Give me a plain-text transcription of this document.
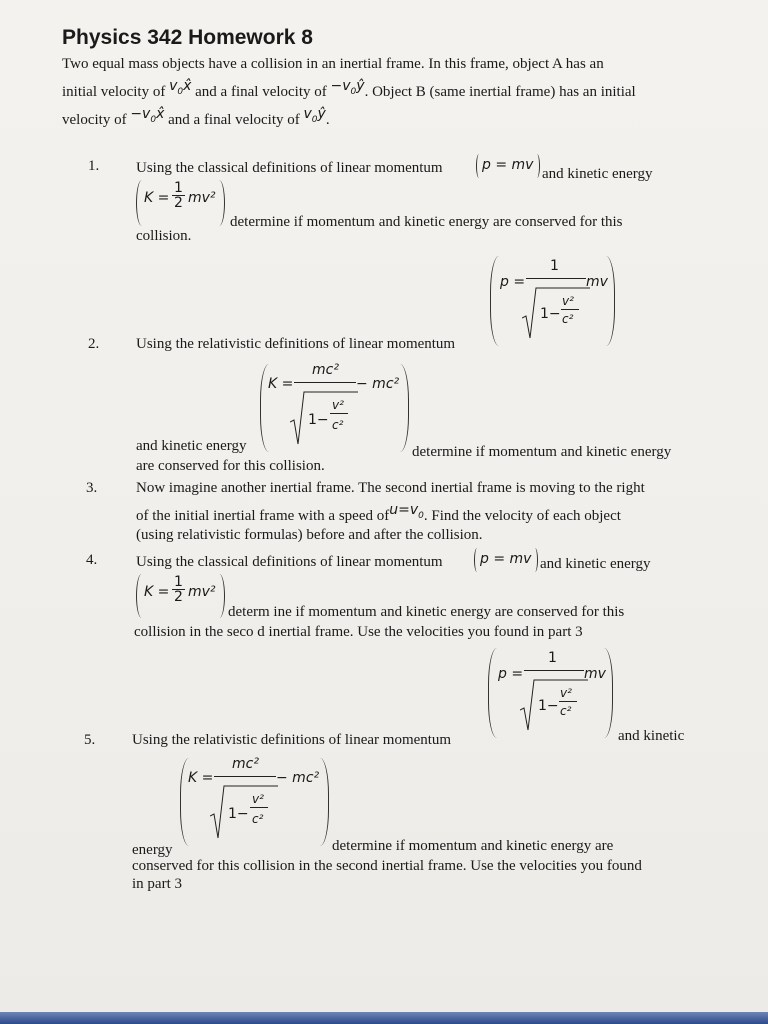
Physics 342 Homework 8
Two equal mass objects have a collision in an inertial frame. In this frame, object A has an
initial velocity of $v_0x̂$ and a final velocity of $-v_0ŷ$. Object B (same inertial frame) has an initial
velocity of $-v_0x̂$ and a final velocity of $v_0ŷ$.
1. Using the classical definitions of linear momentum	p = mv
and kinetic energy
$K = \frac{1}{2} mv^2$
determine if momentum and kinetic energy are conserved for this
collision.
p =
1
1−
v²
c²
mv
2. Using the relativistic definitions of linear momentum
K =
mc²
1−
v²
c²
− mc²
and kinetic energy	determine if momentum and kinetic energy
are conserved for this collision.
3.	Now imagine another inertial frame. The second inertial frame is moving to the right
of the initial inertial frame with a speed $ofu=v_0$. Find the velocity of each object
(using relativistic formulas) before and after the collision.
4.	Using the classical definitions of linear momentum	p = mv and kinetic energy
$K = \frac{1}{2} mv^2$
determ ine if momentum and kinetic energy are conserved for this
collision in the seco d inertial frame. Use the velocities you found in part 3
p =
1
1−
v²
c²
mv
5. Using the relativistic definitions of linear momentum	and kinetic
K =
mc²
1−
v²
c²
− mc²
energy	determine if momentum and kinetic energy are
conserved for this collision in the second inertial frame. Use the velocities you found
in part 3
